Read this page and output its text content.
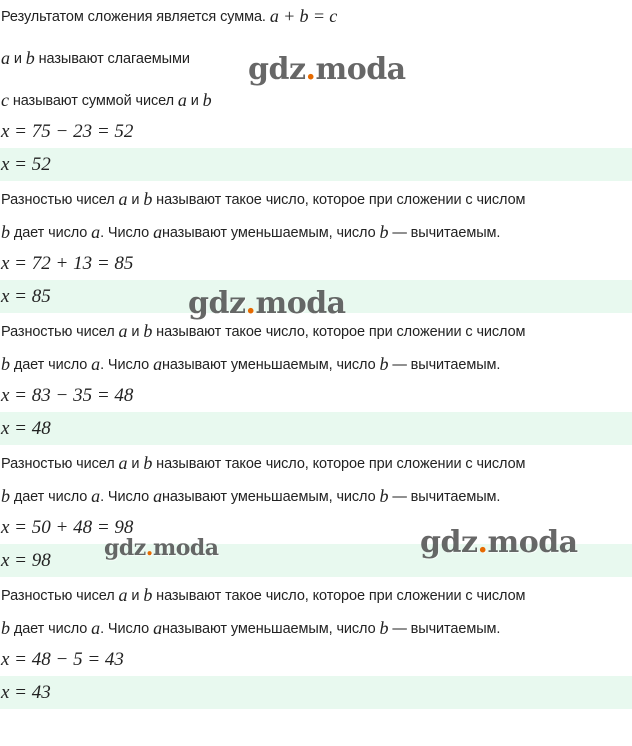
Результатом сложения является сумма.
a + b = c
a
и
b
называют слагаемыми
c
называют суммой чисел
a
и
b
x = 75 − 23 = 52
x = 52
Разностью чисел
a
и
b
называют такое число, которое при сложении с числом
b
дает число
a . Число
a называют уменьшаемым, число
b
— вычитаемым.
x = 72 + 13 = 85
x = 85
Разностью чисел
a
и
b
называют такое число, которое при сложении с числом
b
дает число
a . Число
a называют уменьшаемым, число
b
— вычитаемым.
x = 83 − 35 = 48
x = 48
Разностью чисел
a
и
b
называют такое число, которое при сложении с числом
b
дает число
a . Число
a называют уменьшаемым, число
b
— вычитаемым.
x = 50 + 48 = 98
x = 98
Разностью чисел
a
и
b
называют такое число, которое при сложении с числом
b
дает число
a . Число
a называют уменьшаемым, число
b
— вычитаемым.
x = 48 − 5 = 43
x = 43
gdz.moda
gdz.moda
gdz.moda	gdz.moda
